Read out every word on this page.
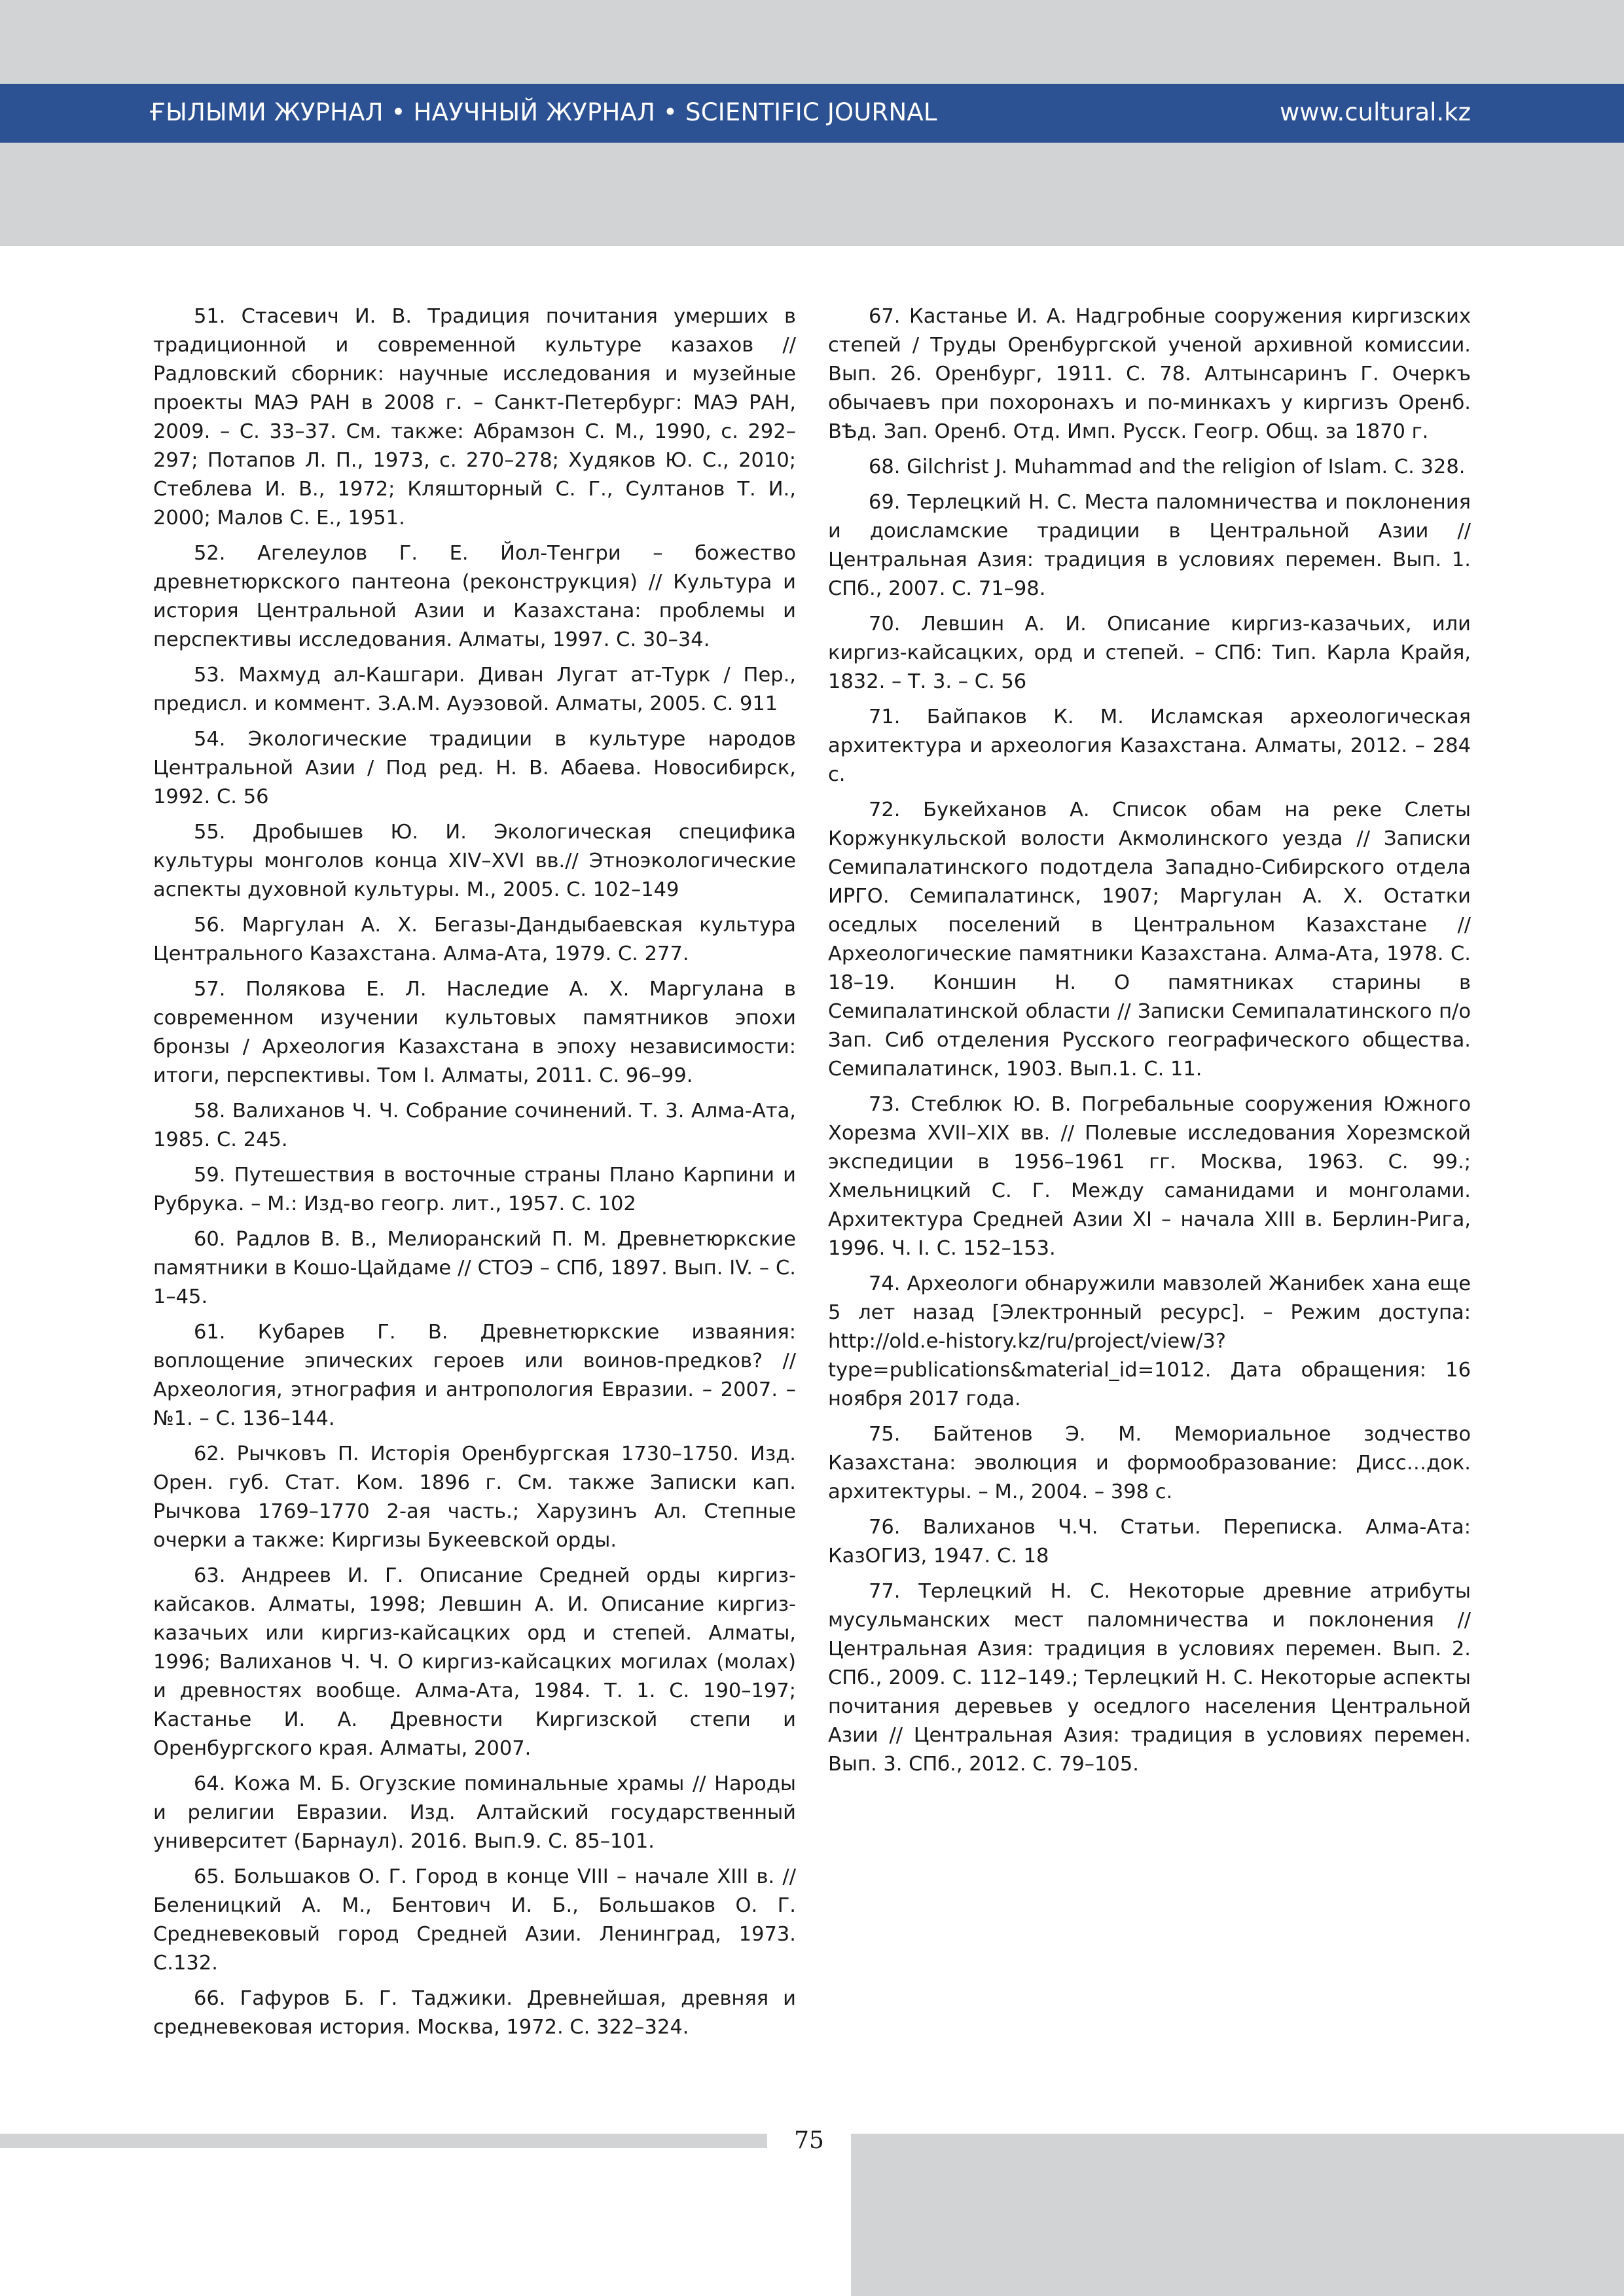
ҒЫЛЫМИ ЖУРНАЛ • НАУЧНЫЙ ЖУРНАЛ • SCIENTIFIC JOURNAL	www.cultural.kz

51. Стасевич И. В. Традиция почитания умерших в традиционной и современной культуре казахов // Радловский сборник: научные исследования и музейные проекты МАЭ РАН в 2008 г. – Санкт-Петербург: МАЭ РАН, 2009. – С. 33–37. См. также: Абрамзон С. М., 1990, с. 292–297; Потапов Л. П., 1973, с. 270–278; Худяков Ю. С., 2010; Стеблева И. В., 1972; Кляшторный С. Г., Султанов Т. И., 2000; Малов С. Е., 1951.

52. Агелеулов Г. Е. Йол-Тенгри – божество древнетюркского пантеона (реконструкция) // Культура и история Центральной Азии и Казахстана: проблемы и перспективы исследования. Алматы, 1997. С. 30–34.

53. Махмуд ал-Кашгари. Диван Лугат ат-Турк / Пер., предисл. и коммент. З.А.М. Ауэзовой. Алматы, 2005. С. 911

54. Экологические традиции в культуре народов Центральной Азии / Под ред. Н. В. Абаева. Новосибирск, 1992. С. 56

55. Дробышев Ю. И. Экологическая специфика культуры монголов конца XIV–XVI вв.// Этноэкологические аспекты духовной культуры. М., 2005. С. 102–149

56. Маргулан А. Х. Бегазы-Дандыбаевская культура Центрального Казахстана. Алма-Ата, 1979. С. 277.

57. Полякова Е. Л. Наследие А. Х. Маргулана в современном изучении культовых памятников эпохи бронзы / Археология Казахстана в эпоху независимости: итоги, перспективы. Том I. Алматы, 2011. С. 96–99.

58. Валиханов Ч. Ч. Собрание сочинений. Т. 3. Алма-Ата, 1985. С. 245.

59. Путешествия в восточные страны Плано Карпини и Рубрука. – М.: Изд-во геогр. лит., 1957. С. 102

60. Радлов В. В., Мелиоранский П. М. Древнетюркские памятники в Кошо-Цайдаме // СТОЭ – СПб, 1897. Вып. IV. – С. 1–45.

61. Кубарев Г. В. Древнетюркские изваяния: воплощение эпических героев или воинов-предков? // Археология, этнография и антропология Евразии. – 2007. – №1. – С. 136–144.

62. Рычковъ П. Исторія Оренбургская 1730–1750. Изд. Орен. губ. Стат. Ком. 1896 г. См. также Записки кап. Рычкова 1769–1770 2-ая часть.; Харузинъ Ал. Степные очерки а также: Киргизы Букеевской орды.

63. Андреев И. Г. Описание Средней орды киргиз-кайсаков. Алматы, 1998; Левшин А. И. Описание киргиз-казачьих или киргиз-кайсацких орд и степей. Алматы, 1996; Валиханов Ч. Ч. О киргиз-кайсацких могилах (молах) и древностях вообще. Алма-Ата, 1984. Т. 1. С. 190–197; Кастанье И. А. Древности Киргизской степи и Оренбургского края. Алматы, 2007.

64. Кожа М. Б. Огузские поминальные храмы // Народы и религии Евразии. Изд. Алтайский государственный университет (Барнаул). 2016. Вып.9. С. 85–101.

65. Большаков О. Г. Город в конце VIII – начале XIII в. // Беленицкий А. М., Бентович И. Б., Большаков О. Г. Средневековый город Средней Азии. Ленинград, 1973. С.132.

66. Гафуров Б. Г. Таджики. Древнейшая, древняя и средневековая история. Москва, 1972. С. 322–324.

67. Кастанье И. А. Надгробные сооружения киргизских степей / Труды Оренбургской ученой архивной комиссии. Вып. 26. Оренбург, 1911. С. 78. Алтынсаринъ Г. Очеркъ обычаевъ при похоронахъ и по-минкахъ у киргизъ Оренб. ВѢд. Зап. Оренб. Отд. Имп. Русск. Геогр. Общ. за 1870 г.

68. Gilchrist J. Muhammad and the religion of Islam. С. 328.

69. Терлецкий Н. С. Места паломничества и поклонения и доисламские традиции в Центральной Азии // Центральная Азия: традиция в условиях перемен. Вып. 1. СПб., 2007. С. 71–98.

70. Левшин А. И. Описание киргиз-казачьих, или киргиз-кайсацких, орд и степей. – СПб: Тип. Карла Крайя, 1832. – Т. 3. – С. 56

71. Байпаков К. М. Исламская археологическая архитектура и археология Казахстана. Алматы, 2012. – 284 с.

72. Букейханов А. Список обам на реке Слеты Коржункульской волости Акмолинского уезда // Записки Семипалатинского подотдела Западно-Сибирского отдела ИРГО. Семипалатинск, 1907; Маргулан А. Х. Остатки оседлых поселений в Центральном Казахстане // Археологические памятники Казахстана. Алма-Ата, 1978. С. 18–19. Коншин Н. О памятниках старины в Семипалатинской области // Записки Семипалатинского п/о Зап. Сиб отделения Русского географического общества. Семипалатинск, 1903. Вып.1. С. 11.

73. Стеблюк Ю. В. Погребальные сооружения Южного Хорезма XVII–XIX вв. // Полевые исследования Хорезмской экспедиции в 1956–1961 гг. Москва, 1963. С. 99.; Хмельницкий С. Г. Между саманидами и монголами. Архитектура Средней Азии XI – начала XIII в. Берлин-Рига, 1996. Ч. I. С. 152–153.

74. Археологи обнаружили мавзолей Жанибек хана еще 5 лет назад [Электронный ресурс]. – Режим доступа: http://old.e-history.kz/ru/project/view/3?type=publications&material_id=1012. Дата обращения: 16 ноября 2017 года.

75. Байтенов Э. М. Мемориальное зодчество Казахстана: эволюция и формообразование: Дисс…док. архитектуры. – М., 2004. – 398 с.

76. Валиханов Ч.Ч. Статьи. Переписка. Алма-Ата: КазОГИЗ, 1947. С. 18

77. Терлецкий Н. С. Некоторые древние атрибуты мусульманских мест паломничества и поклонения // Центральная Азия: традиция в условиях перемен. Вып. 2. СПб., 2009. С. 112–149.; Терлецкий Н. С. Некоторые аспекты почитания деревьев у оседлого населения Центральной Азии // Центральная Азия: традиция в условиях перемен. Вып. 3. СПб., 2012. С. 79–105.

75
